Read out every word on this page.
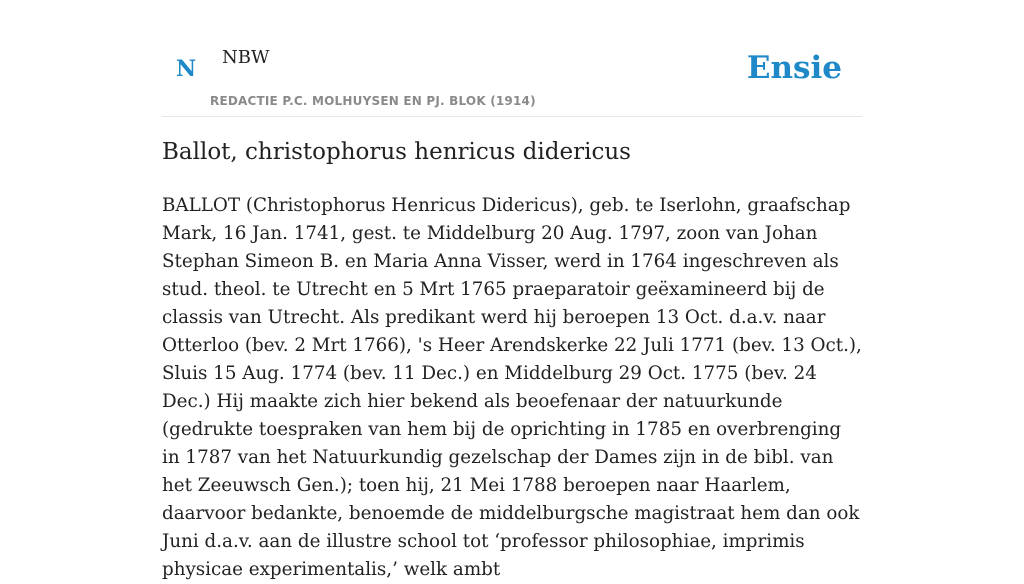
N NBW
REDACTIE P.C. MOLHUYSEN EN PJ. BLOK (1914)
Ensie
Ballot, christophorus henricus didericus

BALLOT (Christophorus Henricus Didericus), geb. te Iserlohn, graafschap Mark, 16 Jan. 1741, gest. te Middelburg 20 Aug. 1797, zoon van Johan Stephan Simeon B. en Maria Anna Visser, werd in 1764 ingeschreven als stud. theol. te Utrecht en 5 Mrt 1765 praeparatoir geëxamineerd bij de classis van Utrecht. Als predikant werd hij beroepen 13 Oct. d.a.v. naar Otterloo (bev. 2 Mrt 1766), 's Heer Arendskerke 22 Juli 1771 (bev. 13 Oct.), Sluis 15 Aug. 1774 (bev. 11 Dec.) en Middelburg 29 Oct. 1775 (bev. 24 Dec.) Hij maakte zich hier bekend als beoefenaar der natuurkunde (gedrukte toespraken van hem bij de oprichting in 1785 en overbrenging in 1787 van het Natuurkundig gezelschap der Dames zijn in de bibl. van het Zeeuwsch Gen.); toen hij, 21 Mei 1788 beroepen naar Haarlem, daarvoor bedankte, benoemde de middelburgsche magistraat hem dan ook Juni d.a.v. aan de illustre school tot ‘professor philosophiae, imprimis physicae experimentalis,’ welk ambt
